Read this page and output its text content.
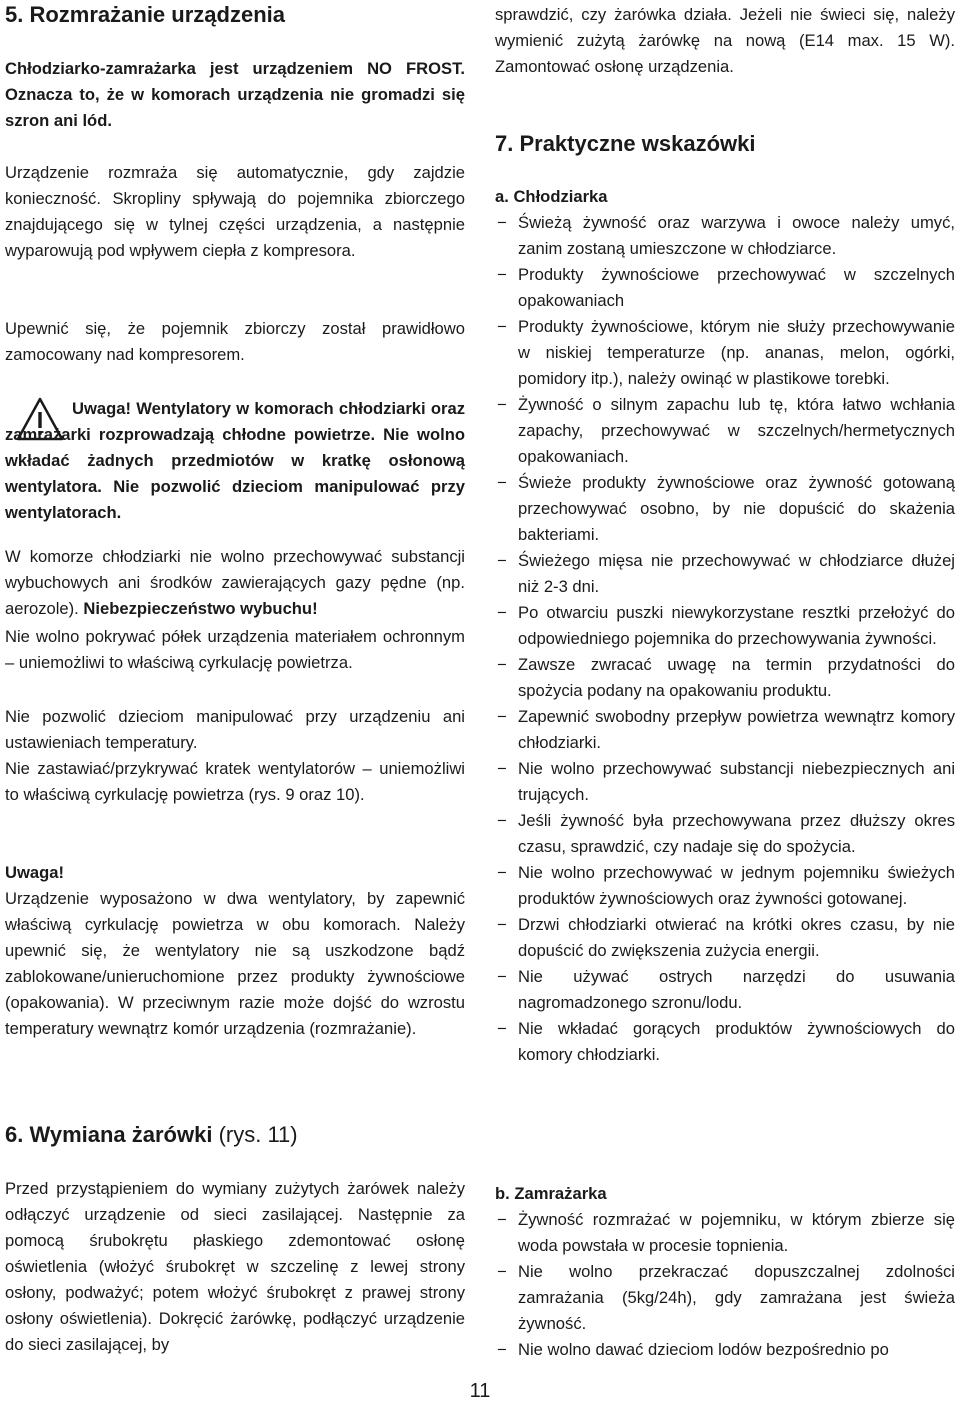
5. Rozmrażanie urządzenia

Chłodziarko-zamrażarka jest urządzeniem NO FROST. Oznacza to, że w komorach urządzenia nie gromadzi się szron ani lód.

Urządzenie rozmraża się automatycznie, gdy zajdzie konieczność. Skropliny spływają do pojemnika zbiorczego znajdującego się w tylnej części urządzenia, a następnie wyparowują pod wpływem ciepła z kompresora.

Upewnić się, że pojemnik zbiorczy został prawidłowo zamocowany nad kompresorem.

Uwaga! Wentylatory w komorach chłodziarki oraz zamrażarki rozprowadzają chłodne powietrze. Nie wolno wkładać żadnych przedmiotów w kratkę osłonową wentylatora. Nie pozwolić dzieciom manipulować przy wentylatorach.

W komorze chłodziarki nie wolno przechowywać substancji wybuchowych ani środków zawierających gazy pędne (np. aerozole). Niebezpieczeństwo wybuchu!

Nie wolno pokrywać półek urządzenia materiałem ochronnym – uniemożliwi to właściwą cyrkulację powietrza.

Nie pozwolić dzieciom manipulować przy urządzeniu ani ustawieniach temperatury.

Nie zastawiać/przykrywać kratek wentylatorów – uniemożliwi to właściwą cyrkulację powietrza (rys. 9 oraz 10).

Uwaga!

Urządzenie wyposażono w dwa wentylatory, by zapewnić właściwą cyrkulację powietrza w obu komorach. Należy upewnić się, że wentylatory nie są uszkodzone bądź zablokowane/unieruchomione przez produkty żywnościowe (opakowania). W przeciwnym razie może dojść do wzrostu temperatury wewnątrz komór urządzenia (rozmrażanie).

6. Wymiana żarówki (rys. 11)

Przed przystąpieniem do wymiany zużytych żarówek należy odłączyć urządzenie od sieci zasilającej. Następnie za pomocą śrubokrętu płaskiego zdemontować osłonę oświetlenia (włożyć śrubokręt w szczelinę z lewej strony osłony, podważyć; potem włożyć śrubokręt z prawej strony osłony oświetlenia). Dokręcić żarówkę, podłączyć urządzenie do sieci zasilającej, by

11

sprawdzić, czy żarówka działa. Jeżeli nie świeci się, należy wymienić zużytą żarówkę na nową (E14 max. 15 W). Zamontować osłonę urządzenia.

7. Praktyczne wskazówki
a. Chłodziarka
− Świeżą żywność oraz warzywa i owoce należy umyć, zanim zostaną umieszczone w chłodziarce.
− Produkty żywnościowe przechowywać w szczelnych opakowaniach
− Produkty żywnościowe, którym nie służy przechowywanie w niskiej temperaturze (np. ananas, melon, ogórki, pomidory itp.), należy owinąć w plastikowe torebki.
− Żywność o silnym zapachu lub tę, która łatwo wchłania zapachy, przechowywać w szczelnych/hermetycznych opakowaniach.
− Świeże produkty żywnościowe oraz żywność gotowaną przechowywać osobno, by nie dopuścić do skażenia bakteriami.
− Świeżego mięsa nie przechowywać w chłodziarce dłużej niż 2-3 dni.
− Po otwarciu puszki niewykorzystane resztki przełożyć do odpowiedniego pojemnika do przechowywania żywności.
− Zawsze zwracać uwagę na termin przydatności do spożycia podany na opakowaniu produktu.
− Zapewnić swobodny przepływ powietrza wewnątrz komory chłodziarki.
− Nie wolno przechowywać substancji niebezpiecznych ani trujących.
− Jeśli żywność była przechowywana przez dłuższy okres czasu, sprawdzić, czy nadaje się do spożycia.
− Nie wolno przechowywać w jednym pojemniku świeżych produktów żywnościowych oraz żywności gotowanej.
− Drzwi chłodziarki otwierać na krótki okres czasu, by nie dopuścić do zwiększenia zużycia energii.
− Nie używać ostrych narzędzi do usuwania nagromadzonego szronu/lodu.
− Nie wkładać gorących produktów żywnościowych do komory chłodziarki.
b. Zamrażarka
− Żywność rozmrażać w pojemniku, w którym zbierze się woda powstała w procesie topnienia.
− Nie wolno przekraczać dopuszczalnej zdolności zamrażania (5kg/24h), gdy zamrażana jest świeża żywność.
− Nie wolno dawać dzieciom lodów bezpośrednio po
